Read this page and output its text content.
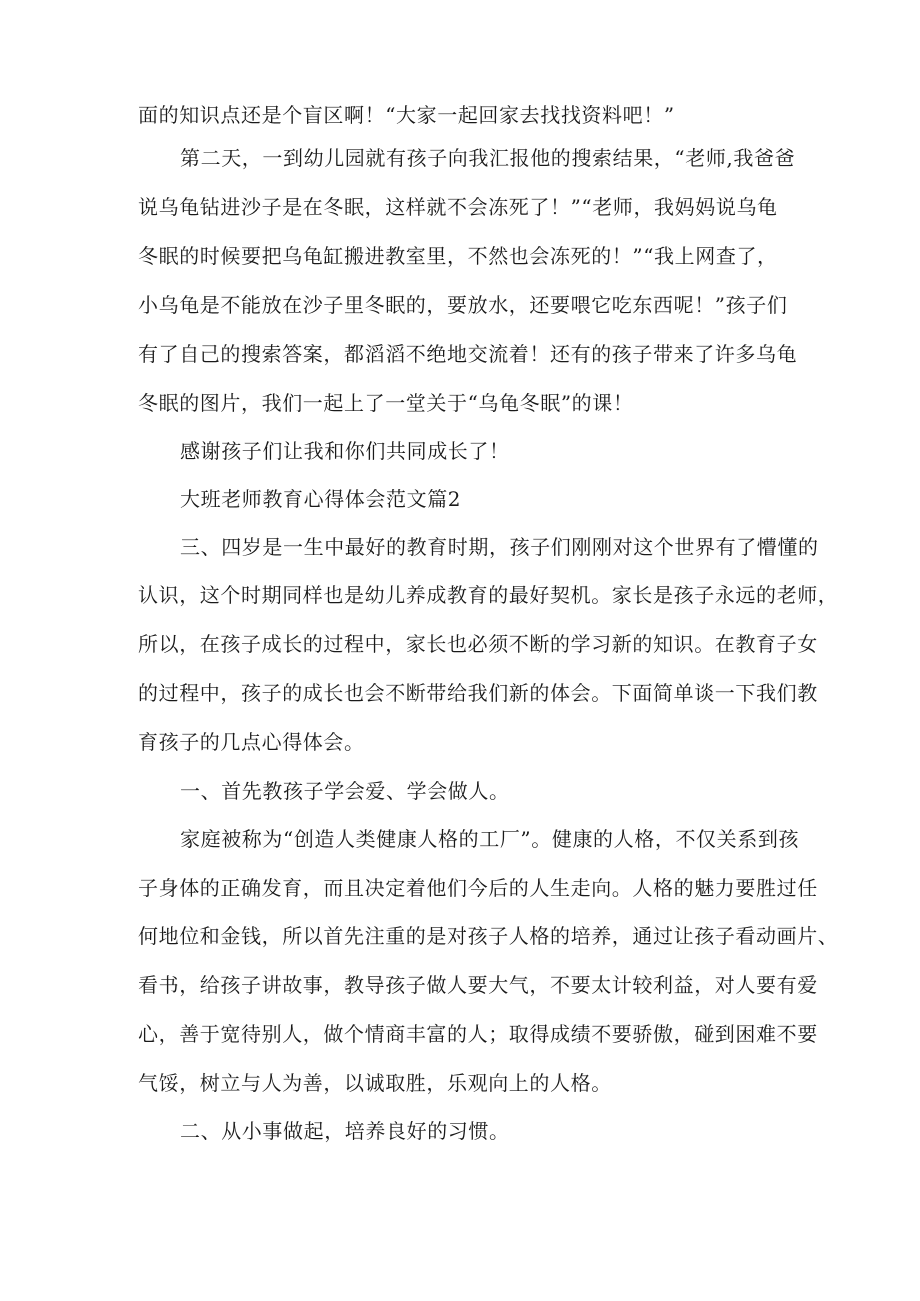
面的知识点还是个盲区啊！“大家一起回家去找找资料吧！”
第二天，一到幼儿园就有孩子向我汇报他的搜索结果，“老师,我爸爸
说乌龟钻进沙子是在冬眠，这样就不会冻死了！”“老师，我妈妈说乌龟
冬眠的时候要把乌龟缸搬进教室里，不然也会冻死的！”“我上网查了，
小乌龟是不能放在沙子里冬眠的，要放水，还要喂它吃东西呢！”孩子们
有了自己的搜索答案，都滔滔不绝地交流着！还有的孩子带来了许多乌龟
冬眠的图片，我们一起上了一堂关于“乌龟冬眠”的课！
感谢孩子们让我和你们共同成长了！
大班老师教育心得体会范文篇2
三、四岁是一生中最好的教育时期，孩子们刚刚对这个世界有了懵懂的
认识，这个时期同样也是幼儿养成教育的最好契机。家长是孩子永远的老师，
所以，在孩子成长的过程中，家长也必须不断的学习新的知识。在教育子女
的过程中，孩子的成长也会不断带给我们新的体会。下面简单谈一下我们教
育孩子的几点心得体会。
一、首先教孩子学会爱、学会做人。
家庭被称为“创造人类健康人格的工厂”。健康的人格，不仅关系到孩
子身体的正确发育，而且决定着他们今后的人生走向。人格的魅力要胜过任
何地位和金钱，所以首先注重的是对孩子人格的培养，通过让孩子看动画片、
看书，给孩子讲故事，教导孩子做人要大气，不要太计较利益，对人要有爱
心，善于宽待别人，做个情商丰富的人；取得成绩不要骄傲，碰到困难不要
气馁，树立与人为善，以诚取胜，乐观向上的人格。
二、从小事做起，培养良好的习惯。
